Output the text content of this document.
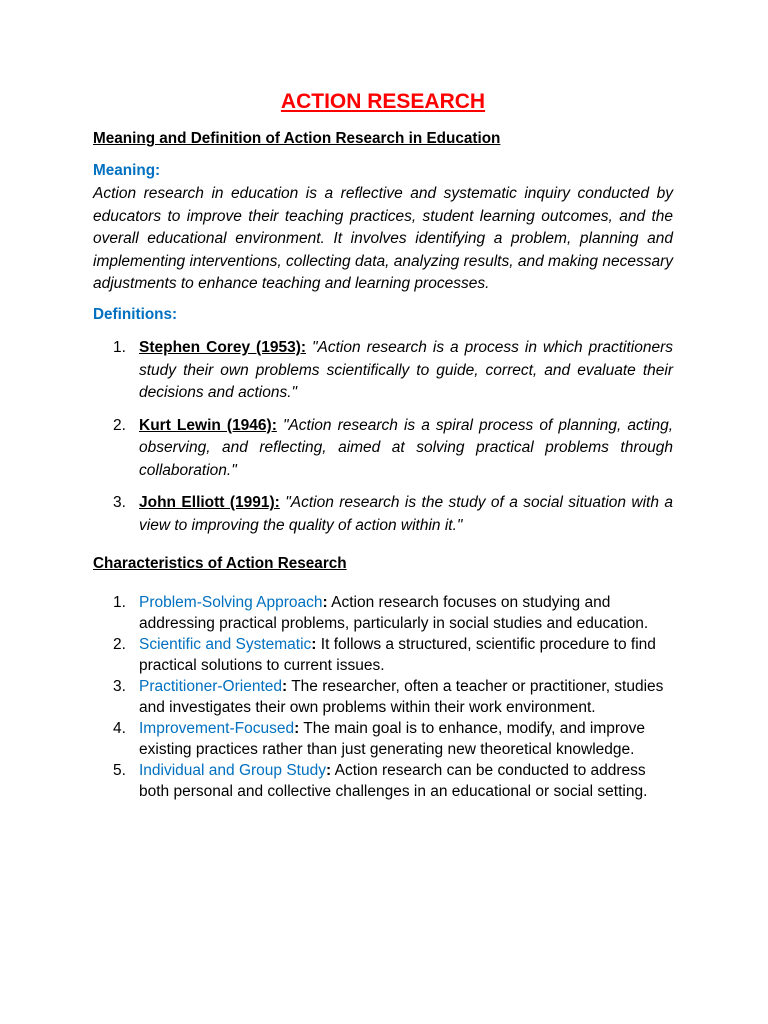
ACTION RESEARCH
Meaning and Definition of Action Research in Education
Meaning:

Action research in education is a reflective and systematic inquiry conducted by educators to improve their teaching practices, student learning outcomes, and the overall educational environment. It involves identifying a problem, planning and implementing interventions, collecting data, analyzing results, and making necessary adjustments to enhance teaching and learning processes.

Definitions:
1. Stephen Corey (1953): "Action research is a process in which practitioners study their own problems scientifically to guide, correct, and evaluate their decisions and actions."
2. Kurt Lewin (1946): "Action research is a spiral process of planning, acting, observing, and reflecting, aimed at solving practical problems through collaboration."
3. John Elliott (1991): "Action research is the study of a social situation with a view to improving the quality of action within it."
Characteristics of Action Research
1. Problem-Solving Approach: Action research focuses on studying and addressing practical problems, particularly in social studies and education.
2. Scientific and Systematic: It follows a structured, scientific procedure to find practical solutions to current issues.
3. Practitioner-Oriented: The researcher, often a teacher or practitioner, studies and investigates their own problems within their work environment.
4. Improvement-Focused: The main goal is to enhance, modify, and improve existing practices rather than just generating new theoretical knowledge.
5. Individual and Group Study: Action research can be conducted to address both personal and collective challenges in an educational or social setting.
